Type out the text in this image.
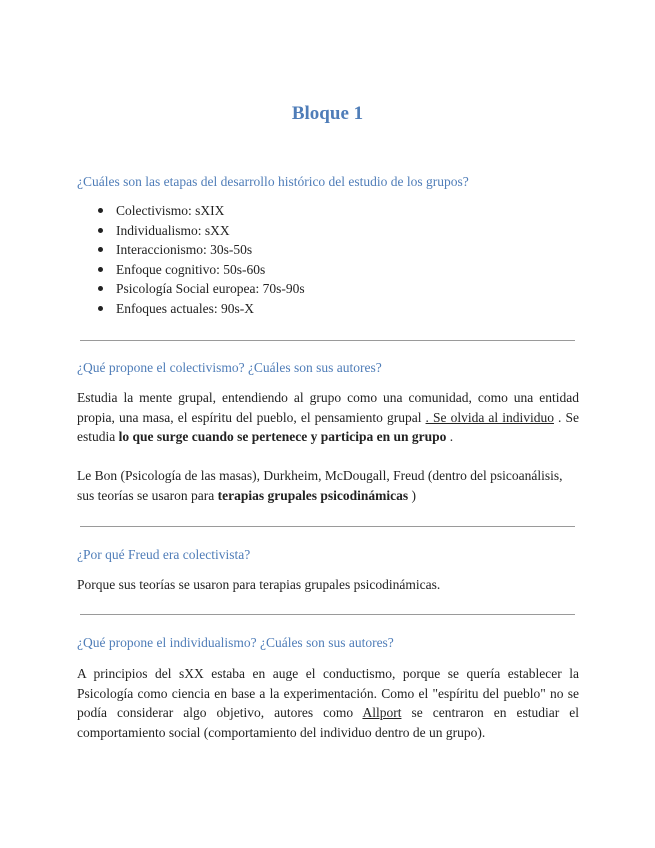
Bloque 1
¿Cuáles son las etapas del desarrollo histórico del estudio de los grupos?
Colectivismo: sXIX
Individualismo: sXX
Interaccionismo: 30s-50s
Enfoque cognitivo: 50s-60s
Psicología Social europea: 70s-90s
Enfoques actuales: 90s-X
¿Qué propone el colectivismo? ¿Cuáles son sus autores?
Estudia la mente grupal, entendiendo al grupo como una comunidad, como una entidad propia, una masa, el espíritu del pueblo, el pensamiento grupal . Se olvida al individuo . Se estudia lo que surge cuando se pertenece y participa en un grupo .
Le Bon (Psicología de las masas), Durkheim, McDougall, Freud (dentro del psicoanálisis, sus teorías se usaron para terapias grupales psicodinámicas )
¿Por qué Freud era colectivista?
Porque sus teorías se usaron para terapias grupales psicodinámicas.
¿Qué propone el individualismo? ¿Cuáles son sus autores?
A principios del sXX estaba en auge el conductismo, porque se quería establecer la Psicología como ciencia en base a la experimentación. Como el "espíritu del pueblo" no se podía considerar algo objetivo, autores como Allport se centraron en estudiar el comportamiento social (comportamiento del individuo dentro de un grupo).
